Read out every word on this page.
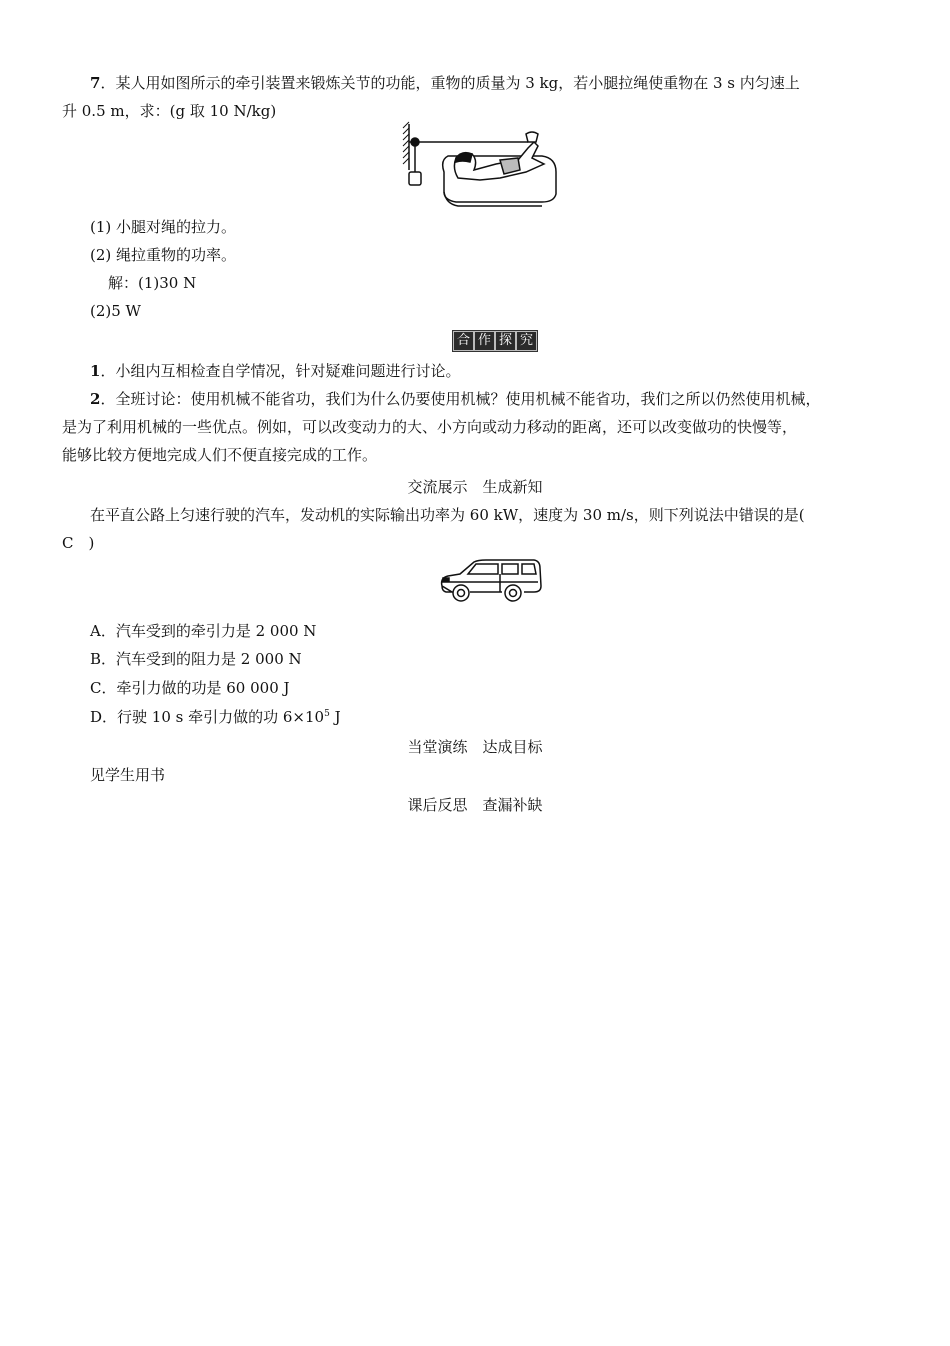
7．某人用如图所示的牵引装置来锻炼关节的功能，重物的质量为 3 kg，若小腿拉绳使重物在 3 s 内匀速上
升 0.5 m，求：(g 取 10 N/kg)
(1) 小腿对绳的拉力。
(2) 绳拉重物的功率。
解：(1)30 N
(2)5 W
合 作 探 究
1．小组内互相检查自学情况，针对疑难问题进行讨论。
2．全班讨论：使用机械不能省功，我们为什么仍要使用机械？使用机械不能省功，我们之所以仍然使用机械，
是为了利用机械的一些优点。例如，可以改变动力的大、小方向或动力移动的距离，还可以改变做功的快慢等，
能够比较方便地完成人们不便直接完成的工作。
交流展示　生成新知
在平直公路上匀速行驶的汽车，发动机的实际输出功率为 60 kW，速度为 30 m/s，则下列说法中错误的是(
C　)
A．汽车受到的牵引力是 2 000 N
B．汽车受到的阻力是 2 000 N
C．牵引力做的功是 60 000 J
D．行驶 10 s 牵引力做的功 $6\times 10^5$ J
当堂演练　达成目标
见学生用书
课后反思　查漏补缺
